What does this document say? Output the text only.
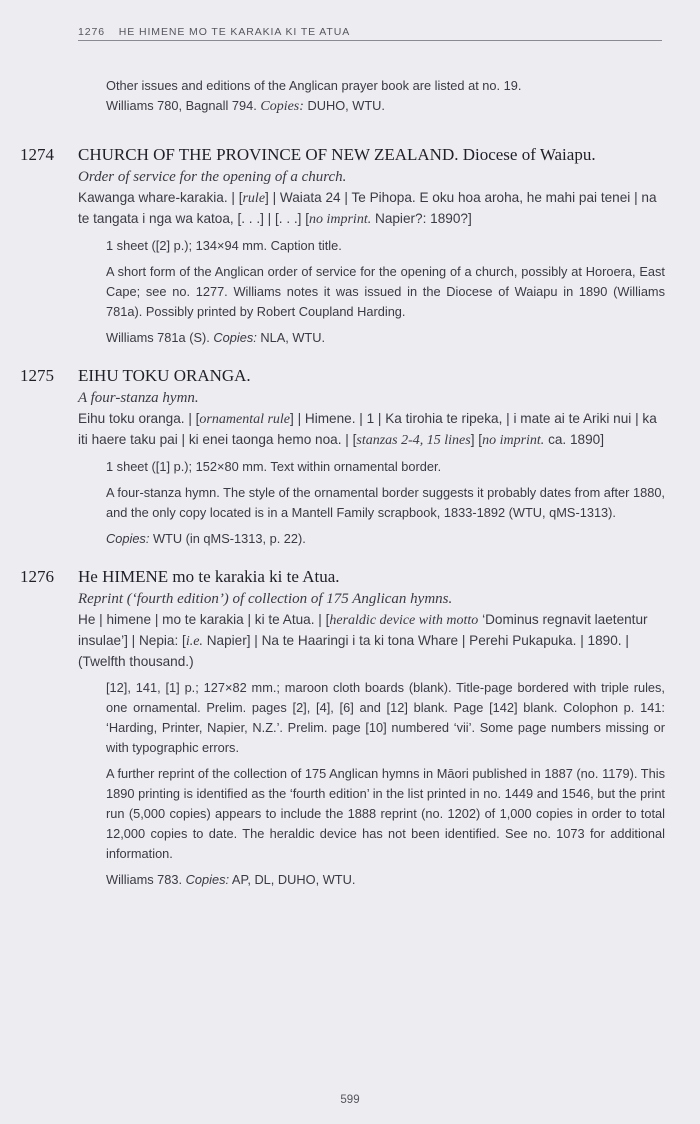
1276 HE HIMENE MO TE KARAKIA KI TE ATUA
Other issues and editions of the Anglican prayer book are listed at no. 19.
Williams 780, Bagnall 794. Copies: DUHO, WTU.
1274 CHURCH OF THE PROVINCE OF NEW ZEALAND. Diocese of Waiapu.
Order of service for the opening of a church.
Kawanga whare-karakia. | [rule] | Waiata 24 | Te Pihopa. E oku hoa aroha, he mahi pai tenei | na te tangata i nga wa katoa, [. . .] | [. . .] [no imprint. Napier?: 1890?]
1 sheet ([2] p.); 134×94 mm. Caption title.
A short form of the Anglican order of service for the opening of a church, possibly at Horoera, East Cape; see no. 1277. Williams notes it was issued in the Diocese of Waiapu in 1890 (Williams 781a). Possibly printed by Robert Coupland Harding.
Williams 781a (S). Copies: NLA, WTU.
1275 EIHU TOKU ORANGA.
A four-stanza hymn.
Eihu toku oranga. | [ornamental rule] | Himene. | 1 | Ka tirohia te ripeka, | i mate ai te Ariki nui | ka iti haere taku pai | ki enei taonga hemo noa. | [stanzas 2-4, 15 lines] [no imprint. ca. 1890]
1 sheet ([1] p.); 152×80 mm. Text within ornamental border.
A four-stanza hymn. The style of the ornamental border suggests it probably dates from after 1880, and the only copy located is in a Mantell Family scrapbook, 1833-1892 (WTU, qMS-1313).
Copies: WTU (in qMS-1313, p. 22).
1276 He HIMENE mo te karakia ki te Atua.
Reprint (‘fourth edition’) of collection of 175 Anglican hymns.
He | himene | mo te karakia | ki te Atua. | [heraldic device with motto ‘Dominus regnavit laetentur insulae’] | Nepia: [i.e. Napier] | Na te Haaringi i ta ki tona Whare | Perehi Pukapuka. | 1890. | (Twelfth thousand.)
[12], 141, [1] p.; 127×82 mm.; maroon cloth boards (blank). Title-page bordered with triple rules, one ornamental. Prelim. pages [2], [4], [6] and [12] blank. Page [142] blank. Colophon p. 141: ‘Harding, Printer, Napier, N.Z.’. Prelim. page [10] numbered ‘vii’. Some page numbers missing or with typographic errors.
A further reprint of the collection of 175 Anglican hymns in Māori published in 1887 (no. 1179). This 1890 printing is identified as the ‘fourth edition’ in the list printed in no. 1449 and 1546, but the print run (5,000 copies) appears to include the 1888 reprint (no. 1202) of 1,000 copies in order to total 12,000 copies to date. The heraldic device has not been identified. See no. 1073 for additional information.
Williams 783. Copies: AP, DL, DUHO, WTU.
599
